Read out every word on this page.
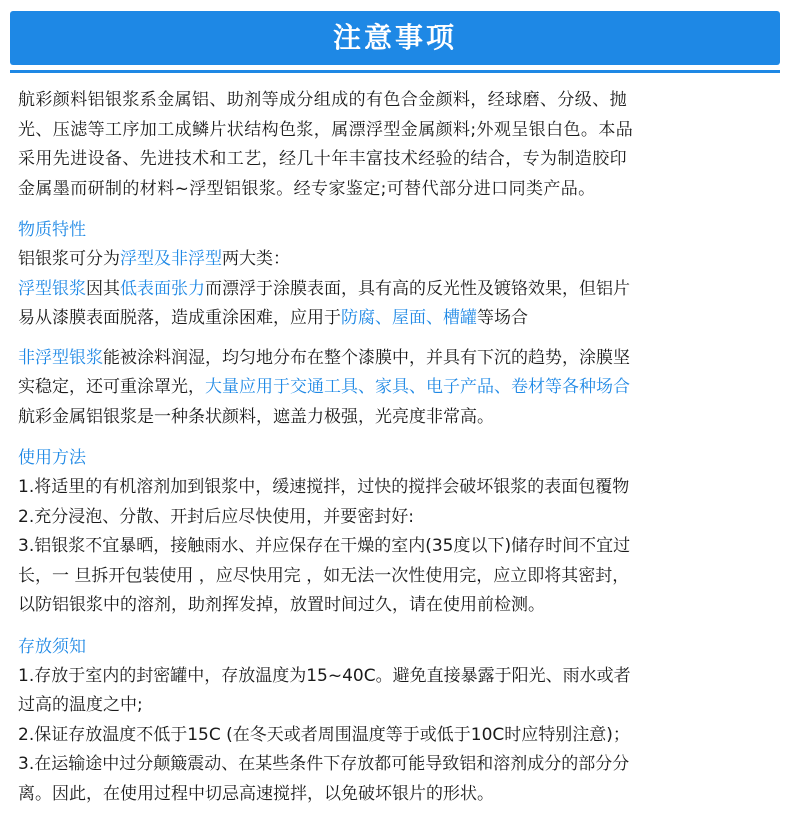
注意事项

航彩颜料铝银浆系金属铝、助剂等成分组成的有色合金颜料，经球磨、分级、抛

光、压滤等工序加工成鳞片状结构色浆，属漂浮型金属颜料;外观呈银白色。本品

采用先进设备、先进技术和工艺，经几十年丰富技术经验的结合，专为制造胶印

金属墨而研制的材料~浮型铝银浆。经专家鉴定;可替代部分进口同类产品。

物质特性

铝银浆可分为浮型及非浮型两大类：

浮型银浆因其低表面张力而漂浮于涂膜表面，具有高的反光性及镀铬效果，但铝片

易从漆膜表面脱落，造成重涂困难，应用于防腐、屋面、槽罐等场合

非浮型银浆能被涂料润湿，均匀地分布在整个漆膜中，并具有下沉的趋势，涂膜坚

实稳定，还可重涂罩光，大量应用于交通工具、家具、电子产品、卷材等各种场合

航彩金属铝银浆是一种条状颜料，遮盖力极强，光亮度非常高。

使用方法

1.将适里的有机溶剂加到银浆中，缓速搅拌，过快的搅拌会破坏银浆的表面包覆物

2.充分浸泡、分散、开封后应尽快使用，并要密封好:

3.铝银浆不宜暴晒，接触雨水、并应保存在干燥的室内(35度以下)储存时间不宜过

长，一 旦拆开包装使用 ，应尽快用完 ，如无法一次性使用完，应立即将其密封，

以防铝银浆中的溶剂，助剂挥发掉，放置时间过久，请在使用前检测。

存放须知

1.存放于室内的封密罐中，存放温度为15~40C。避免直接暴露于阳光、雨水或者

过高的温度之中;

2.保证存放温度不低于15C (在冬天或者周围温度等于或低于10C时应特别注意)；

3.在运输途中过分颠簸震动、在某些条件下存放都可能导致铝和溶剂成分的部分分

离。因此，在使用过程中切忌高速搅拌，以免破坏银片的形状。
